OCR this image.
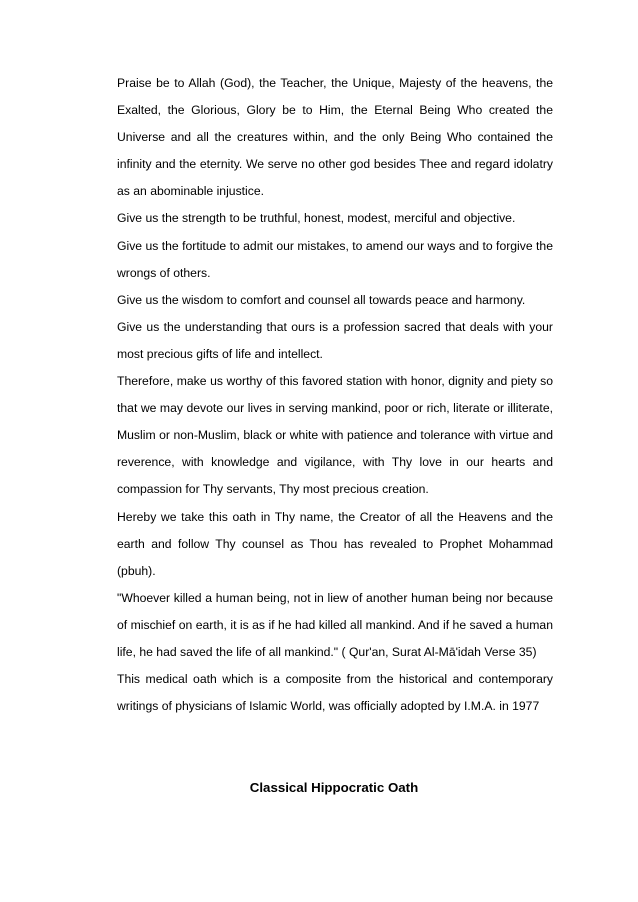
Praise be to Allah (God), the Teacher, the Unique, Majesty of the heavens, the Exalted, the Glorious, Glory be to Him, the Eternal Being Who created the Universe and all the creatures within, and the only Being Who contained the infinity and the eternity. We serve no other god besides Thee and regard idolatry as an abominable injustice.

Give us the strength to be truthful, honest, modest, merciful and objective.

Give us the fortitude to admit our mistakes, to amend our ways and to forgive the wrongs of others.

Give us the wisdom to comfort and counsel all towards peace and harmony.

Give us the understanding that ours is a profession sacred that deals with your most precious gifts of life and intellect.

Therefore, make us worthy of this favored station with honor, dignity and piety so that we may devote our lives in serving mankind, poor or rich, literate or illiterate, Muslim or non-Muslim, black or white with patience and tolerance with virtue and reverence, with knowledge and vigilance, with Thy love in our hearts and compassion for Thy servants, Thy most precious creation.

Hereby we take this oath in Thy name, the Creator of all the Heavens and the earth and follow Thy counsel as Thou has revealed to Prophet Mohammad (pbuh).

"Whoever killed a human being, not in liew of another human being nor because of mischief on earth, it is as if he had killed all mankind. And if he saved a human life, he had saved the life of all mankind." ( Qur'an, Surat Al-Mā'idah Verse 35)

This medical oath which is a composite from the historical and contemporary writings of physicians of Islamic World, was officially adopted by I.M.A. in 1977

Classical Hippocratic Oath
